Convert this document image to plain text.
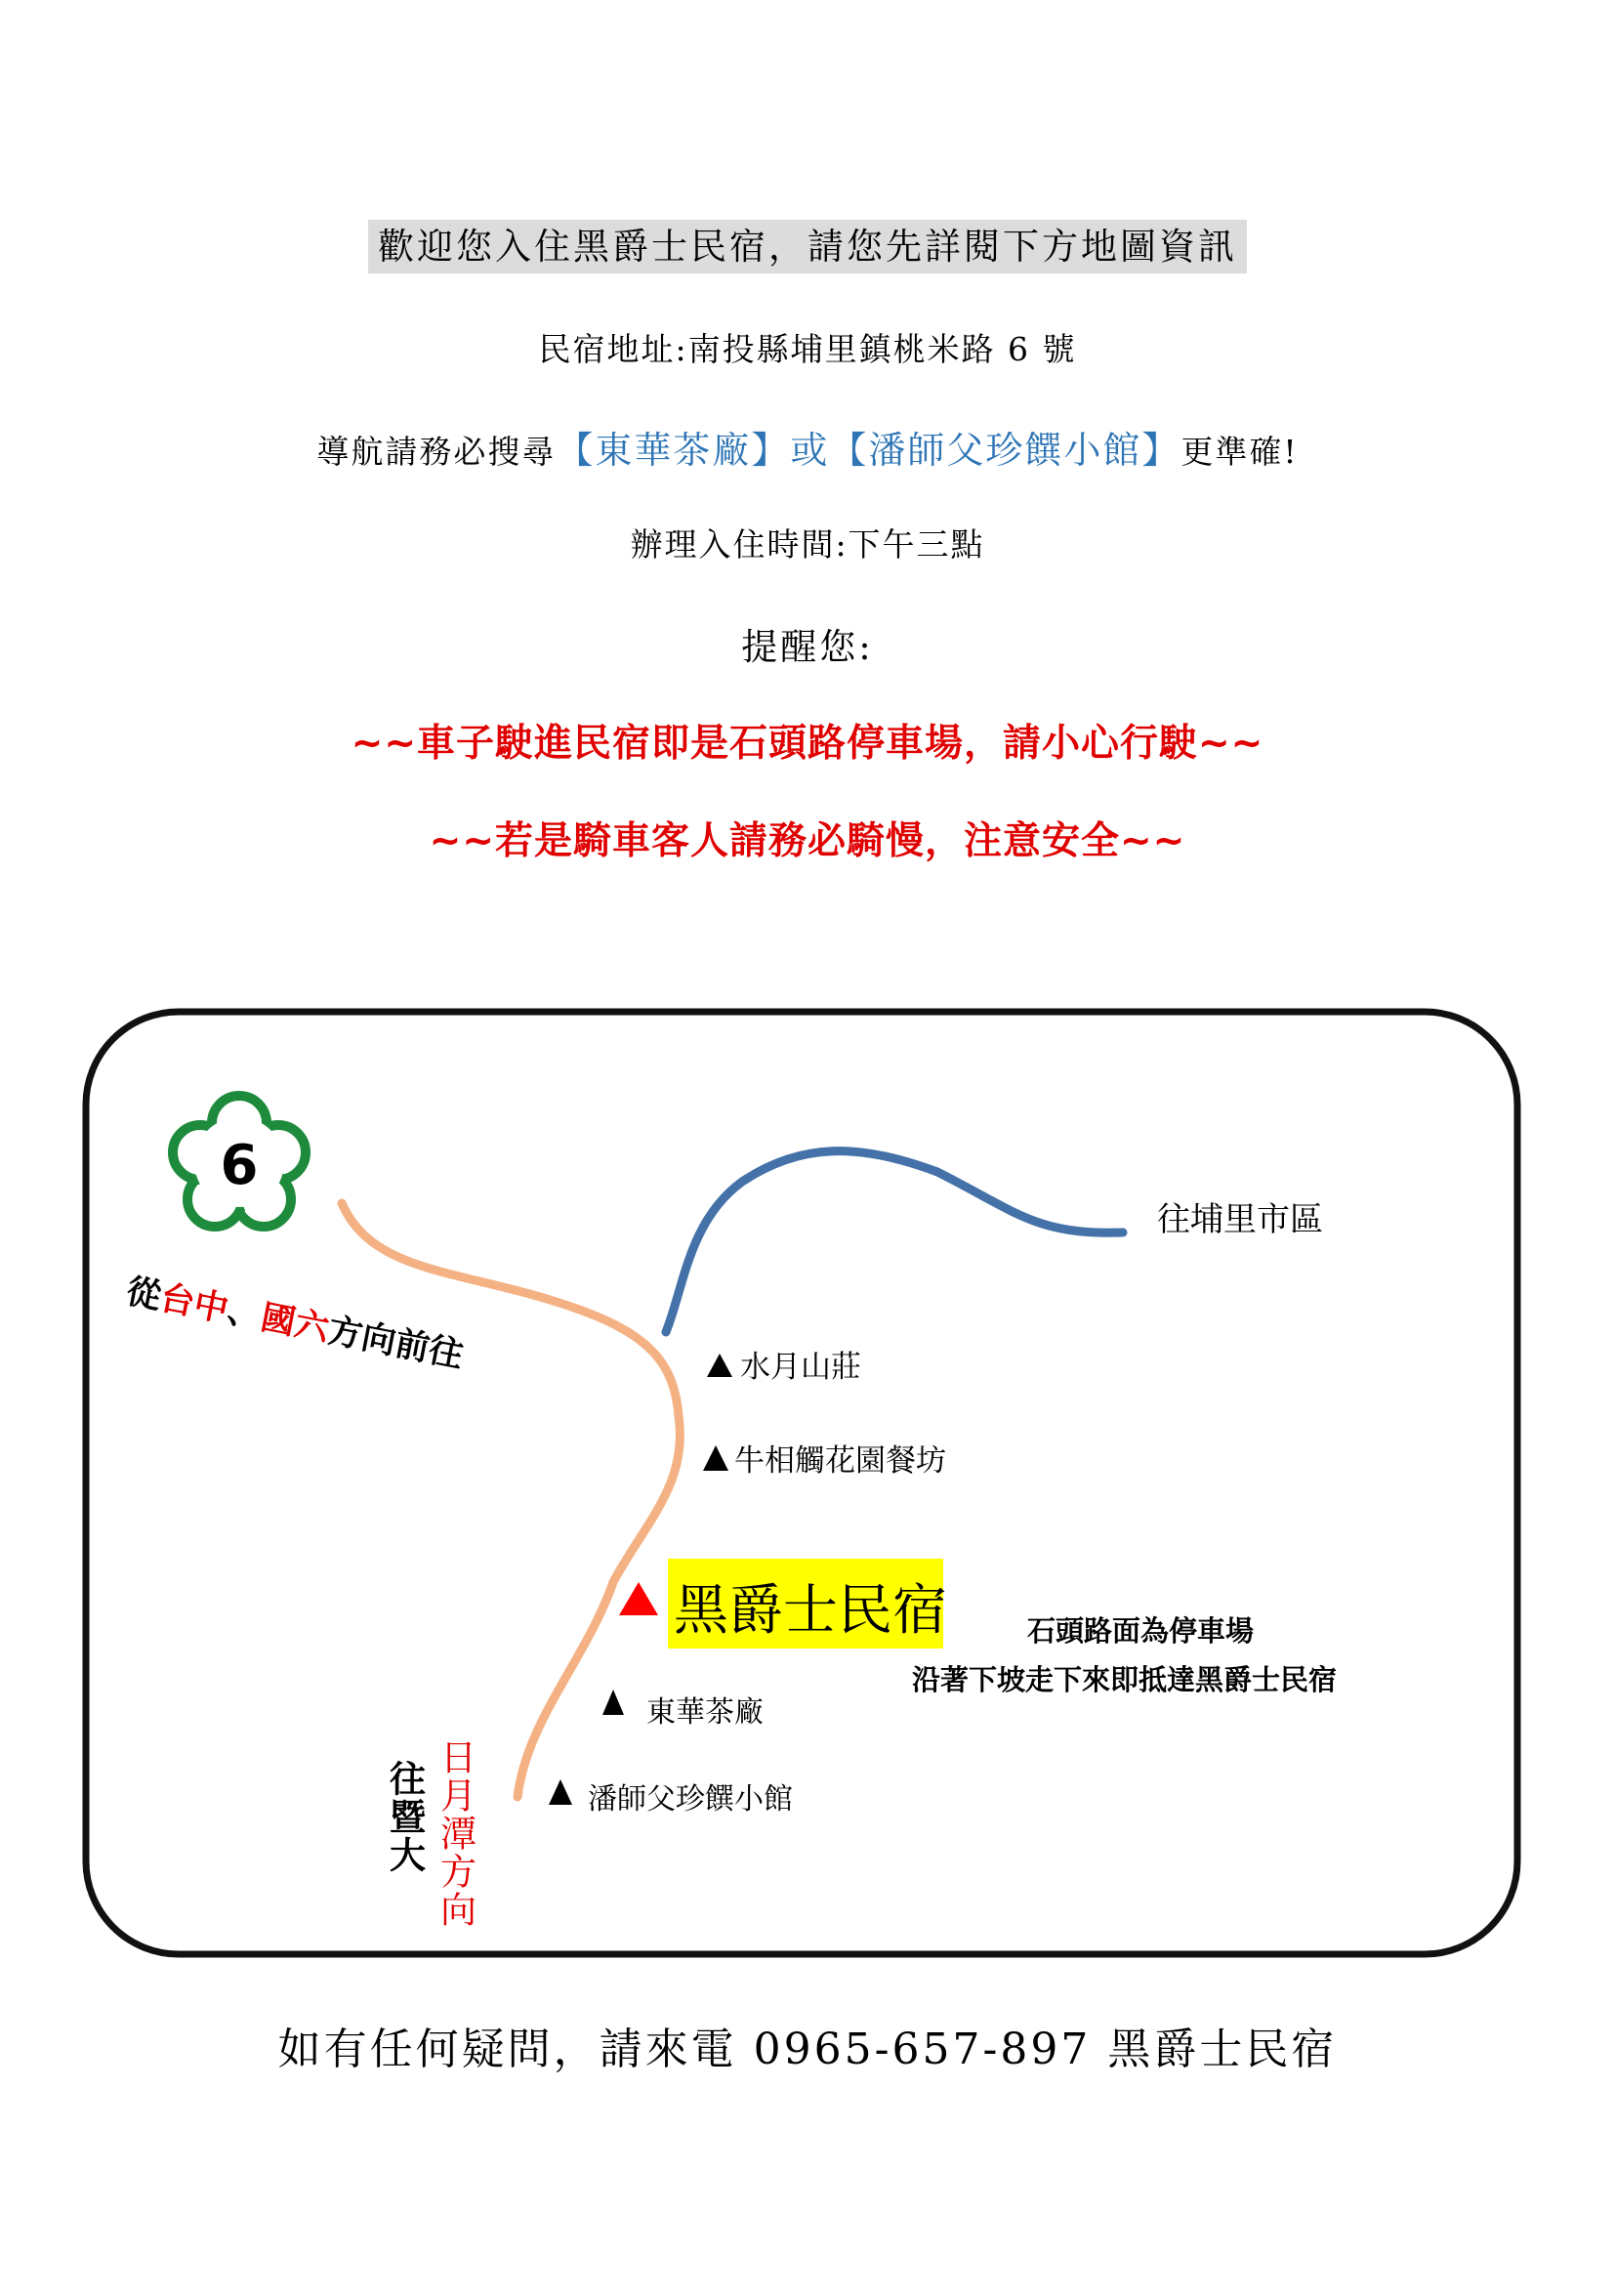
歡迎您入住黑爵士民宿，請您先詳閱下方地圖資訊
民宿地址:南投縣埔里鎮桃米路 6 號
導航請務必搜尋【東華茶廠】或【潘師父珍饌小館】更準確!
辦理入住時間:下午三點
提醒您:
~~車子駛進民宿即是石頭路停車場，請小心行駛~~
~~若是騎車客人請務必騎慢，注意安全~~
6
從台中、國六方向前往
往埔里市區
水月山莊
牛相觸花園餐坊
黑爵士民宿	石頭路面為停車場
沿著下坡走下來即抵達黑爵士民宿
東華茶廠
潘師父珍饌小館
往暨大 日月潭方向
如有任何疑問，請來電 0965-657-897 黑爵士民宿
